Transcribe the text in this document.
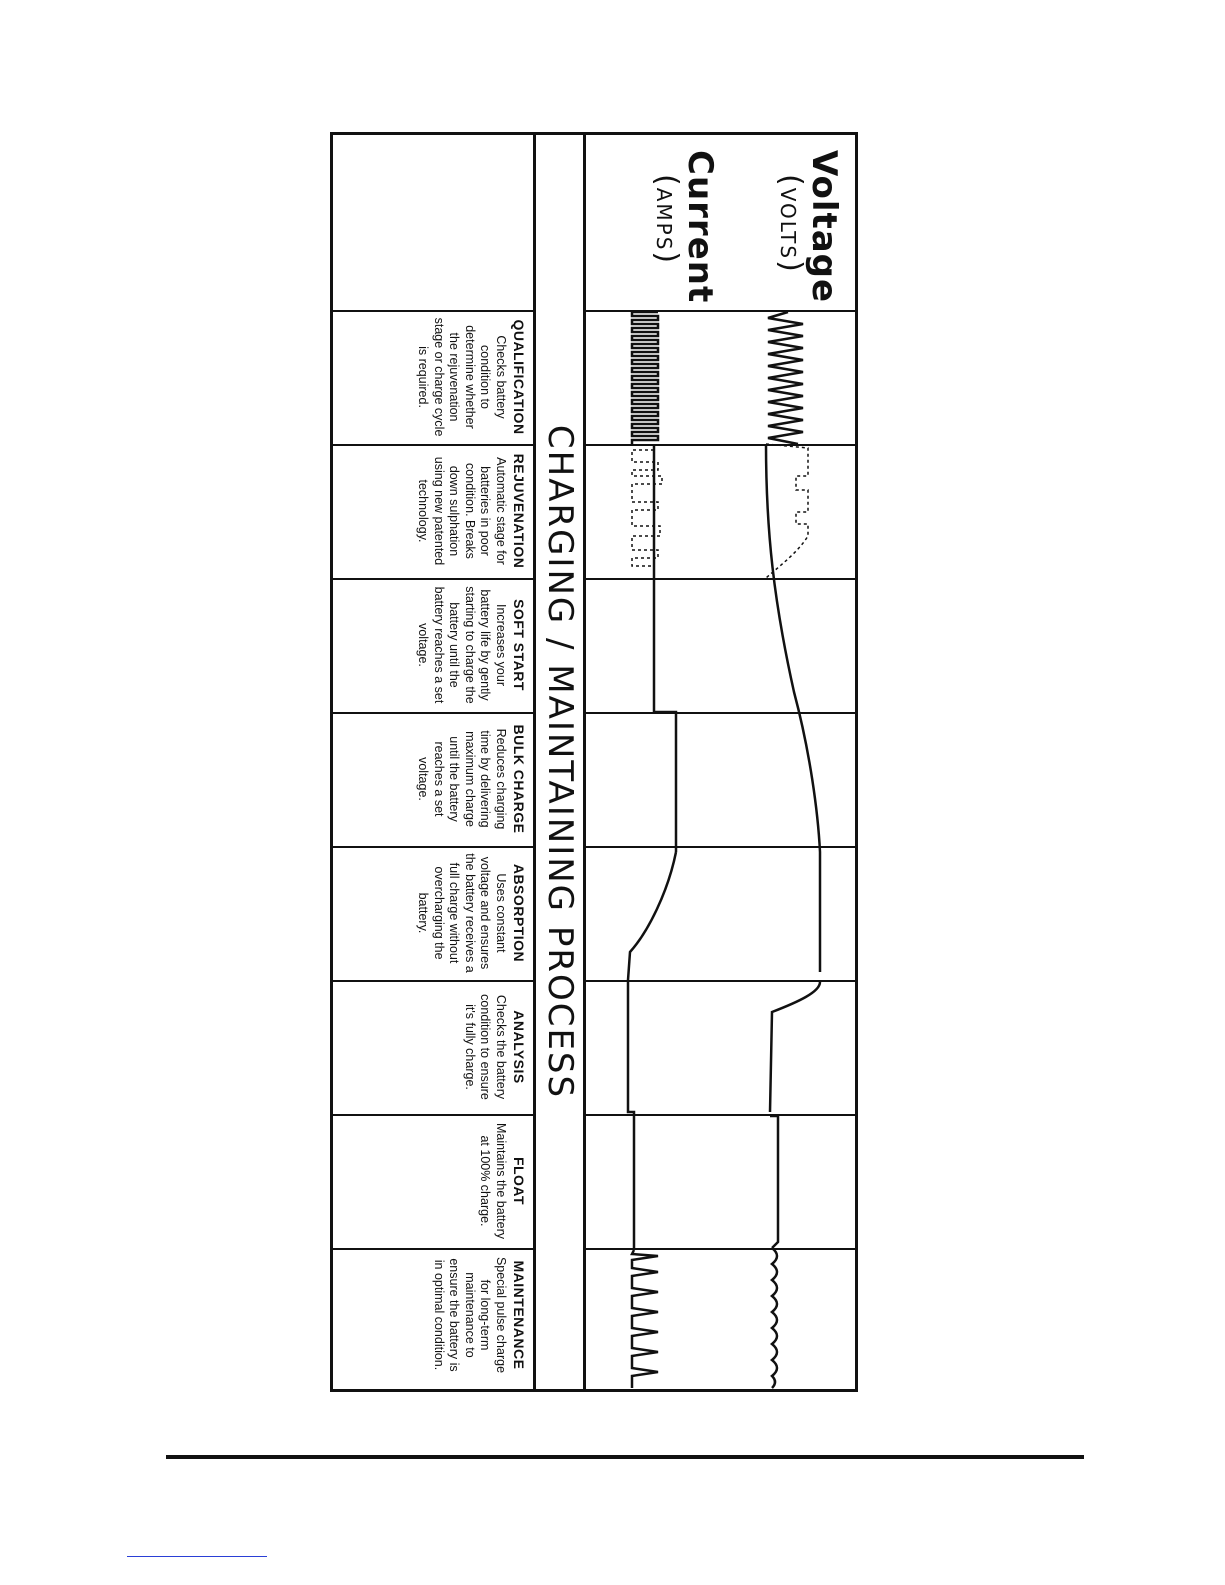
Voltage
(VOLTS)
Current
(AMPS)
CHARGING / MAINTAINING PROCESS
QUALIFICATION
Checks battery condition to determine whether the rejuvenation stage or charge cycle is required.
REJUVENATION
Automatic stage for batteries in poor condition. Breaks down sulphation using new patented technology.
SOFT START
Increases your battery life by gently starting to charge the battery until the battery reaches a set voltage.
BULK CHARGE
Reduces charging time by delivering maximum charge until the battery reaches a set voltage.
ABSORPTION
Uses constant voltage and ensures the battery receives a full charge without overcharging the battery.
ANALYSIS
Checks the battery condition to ensure it's fully charge.
FLOAT
Maintains the battery at 100% charge.
MAINTENANCE
Special pulse charge for long-term maintenance to ensure the battery is in optimal condition.
